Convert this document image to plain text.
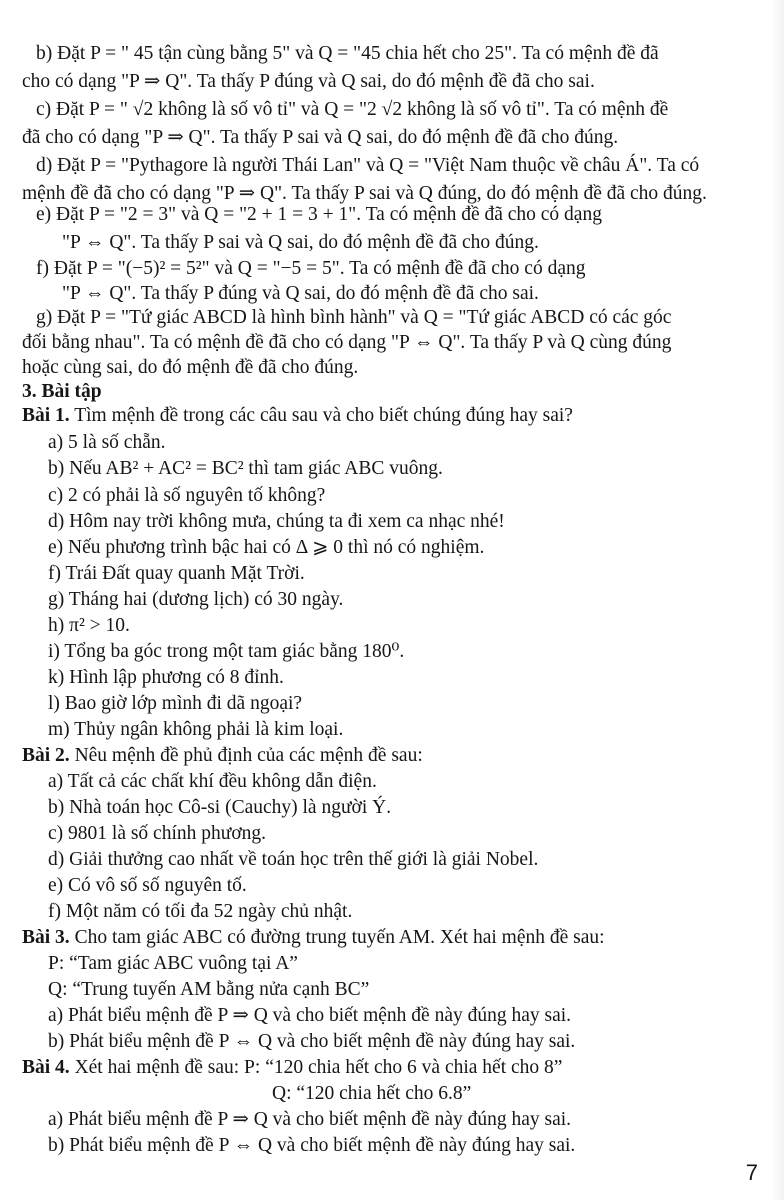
b) Đặt P = " 45 tận cùng bằng 5" và Q = "45 chia hết cho 25". Ta có mệnh đề đã
cho có dạng "P ⇒ Q". Ta thấy P đúng và Q sai, do đó mệnh đề đã cho sai.
c) Đặt P = " √2 không là số vô tỉ" và Q = "2 √2 không là số vô tỉ". Ta có mệnh đề
đã cho có dạng "P ⇒ Q". Ta thấy P sai và Q sai, do đó mệnh đề đã cho đúng.
d) Đặt P = "Pythagore là người Thái Lan" và Q = "Việt Nam thuộc về châu Á". Ta có
mệnh đề đã cho có dạng "P ⇒ Q". Ta thấy P sai và Q đúng, do đó mệnh đề đã cho đúng.
e) Đặt P = "2 = 3" và Q = "2 + 1 = 3 + 1". Ta có mệnh đề đã cho có dạng
"P ⇔ Q". Ta thấy P sai và Q sai, do đó mệnh đề đã cho đúng.
f) Đặt P = "(−5)² = 5²" và Q = "−5 = 5". Ta có mệnh đề đã cho có dạng
"P ⇔ Q". Ta thấy P đúng và Q sai, do đó mệnh đề đã cho sai.
g) Đặt P = "Tứ giác ABCD là hình bình hành" và Q = "Tứ giác ABCD có các góc
đối bằng nhau". Ta có mệnh đề đã cho có dạng "P ⇔ Q". Ta thấy P và Q cùng đúng
hoặc cùng sai, do đó mệnh đề đã cho đúng.
3. Bài tập
Bài 1. Tìm mệnh đề trong các câu sau và cho biết chúng đúng hay sai?
a) 5 là số chẵn.
b) Nếu AB² + AC² = BC² thì tam giác ABC vuông.
c) 2 có phải là số nguyên tố không?
d) Hôm nay trời không mưa, chúng ta đi xem ca nhạc nhé!
e) Nếu phương trình bậc hai có Δ ⩾ 0 thì nó có nghiệm.
f) Trái Đất quay quanh Mặt Trời.
g) Tháng hai (dương lịch) có 30 ngày.
h) π² > 10.
i) Tổng ba góc trong một tam giác bằng 180⁰.
k) Hình lập phương có 8 đỉnh.
l) Bao giờ lớp mình đi dã ngoại?
m) Thủy ngân không phải là kim loại.
Bài 2. Nêu mệnh đề phủ định của các mệnh đề sau:
a) Tất cả các chất khí đều không dẫn điện.
b) Nhà toán học Cô-si (Cauchy) là người Ý.
c) 9801 là số chính phương.
d) Giải thưởng cao nhất về toán học trên thế giới là giải Nobel.
e) Có vô số số nguyên tố.
f) Một năm có tối đa 52 ngày chủ nhật.
Bài 3. Cho tam giác ABC có đường trung tuyến AM. Xét hai mệnh đề sau:
P: “Tam giác ABC vuông tại A”
Q: “Trung tuyến AM bằng nửa cạnh BC”
a) Phát biểu mệnh đề P ⇒ Q và cho biết mệnh đề này đúng hay sai.
b) Phát biểu mệnh đề P ⇔ Q và cho biết mệnh đề này đúng hay sai.
Bài 4. Xét hai mệnh đề sau: P: “120 chia hết cho 6 và chia hết cho 8”
Q: “120 chia hết cho 6.8”
a) Phát biểu mệnh đề P ⇒ Q và cho biết mệnh đề này đúng hay sai.
b) Phát biểu mệnh đề P ⇔ Q và cho biết mệnh đề này đúng hay sai.
7
